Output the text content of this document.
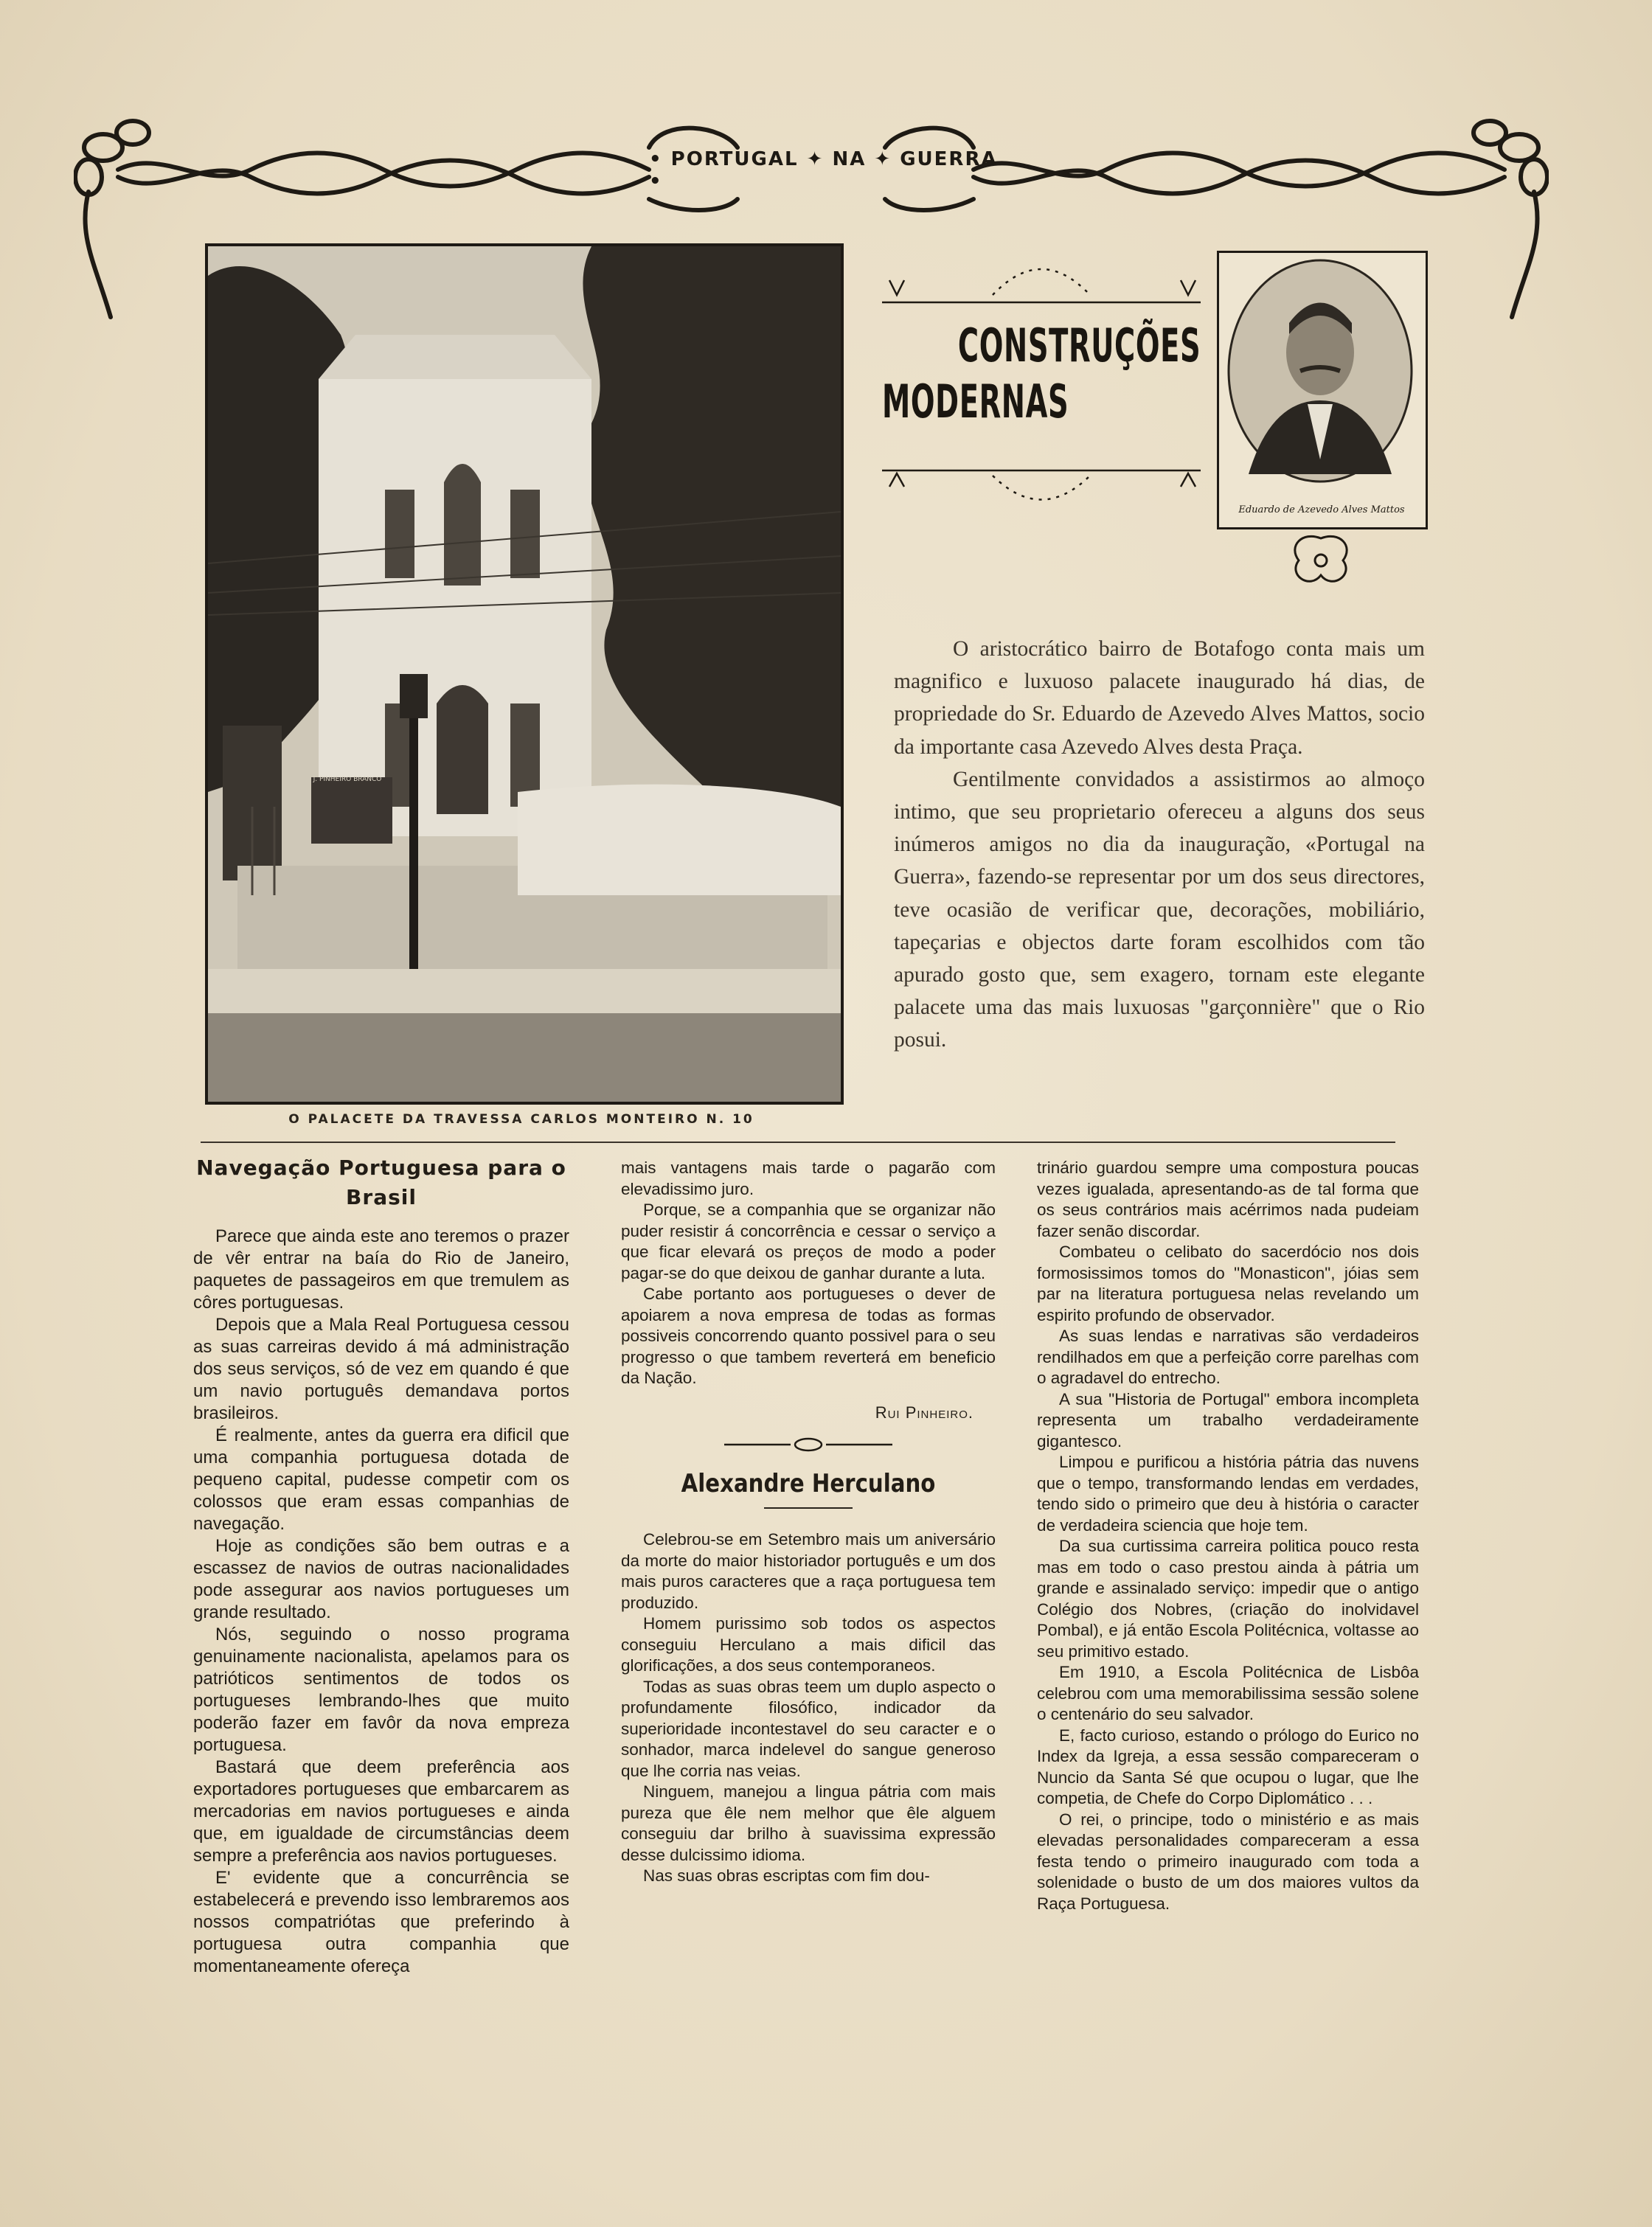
• PORTUGAL ✦ NA ✦ GUERRA •
O PALACETE DA TRAVESSA CARLOS MONTEIRO N. 10
CONSTRUÇÕES
MODERNAS
Eduardo de Azevedo Alves Mattos

O aristocrático bairro de Botafogo conta mais um magnifico e luxuoso palacete inaugurado há dias, de propriedade do Sr. Eduardo de Azevedo Alves Mattos, socio da importante casa Azevedo Alves desta Praça.

Gentilmente convidados a assistirmos ao almoço intimo, que seu proprietario ofereceu a alguns dos seus inúmeros amigos no dia da inauguração, «Portugal na Guerra», fazendo-se representar por um dos seus directores, teve ocasião de verificar que, decorações, mobiliário, tapeçarias e objectos darte foram escolhidos com tão apurado gosto que, sem exagero, tornam este elegante palacete uma das mais luxuosas "garçonnière" que o Rio posui.

Navegação Portuguesa para o Brasil

Parece que ainda este ano teremos o prazer de vêr entrar na baía do Rio de Janeiro, paquetes de passageiros em que tremulem as côres portuguesas.

Depois que a Mala Real Portuguesa cessou as suas carreiras devido á má administração dos seus serviços, só de vez em quando é que um navio português demandava portos brasileiros.

É realmente, antes da guerra era dificil que uma companhia portuguesa dotada de pequeno capital, pudesse competir com os colossos que eram essas companhias de navegação.

Hoje as condições são bem outras e a escassez de navios de outras nacionalidades pode assegurar aos navios portugueses um grande resultado.

Nós, seguindo o nosso programa genuinamente nacionalista, apelamos para os patrióticos sentimentos de todos os portugueses lembrando-lhes que muito poderão fazer em favôr da nova empreza portuguesa.

Bastará que deem preferência aos exportadores portugueses que embarcarem as mercadorias em navios portugueses e ainda que, em igualdade de circumstâncias deem sempre a preferência aos navios portugueses.

E' evidente que a concurrência se estabelecerá e prevendo isso lembraremos aos nossos compatriótas que preferindo à portuguesa outra companhia que momentaneamente ofereça

mais vantagens mais tarde o pagarão com elevadissimo juro.

Porque, se a companhia que se organizar não puder resistir á concorrência e cessar o serviço a que ficar elevará os preços de modo a poder pagar-se do que deixou de ganhar durante a luta.

Cabe portanto aos portugueses o dever de apoiarem a nova empresa de todas as formas possiveis concorrendo quanto possivel para o seu progresso o que tambem reverterá em beneficio da Nação.

Rui Pinheiro.
Alexandre Herculano

Celebrou-se em Setembro mais um aniversário da morte do maior historiador português e um dos mais puros caracteres que a raça portuguesa tem produzido.

Homem purissimo sob todos os aspectos conseguiu Herculano a mais dificil das glorificações, a dos seus contemporaneos.

Todas as suas obras teem um duplo aspecto o profundamente filosófico, indicador da superioridade incontestavel do seu caracter e o sonhador, marca indelevel do sangue generoso que lhe corria nas veias.

Ninguem, manejou a lingua pátria com mais pureza que êle nem melhor que êle alguem conseguiu dar brilho à suavissima expressão desse dulcissimo idioma.

Nas suas obras escriptas com fim dou-

trinário guardou sempre uma compostura poucas vezes igualada, apresentando-as de tal forma que os seus contrários mais acérrimos nada pudeiam fazer senão discordar.

Combateu o celibato do sacerdócio nos dois formosissimos tomos do "Monasticon", jóias sem par na literatura portuguesa nelas revelando um espirito profundo de observador.

As suas lendas e narrativas são verdadeiros rendilhados em que a perfeição corre parelhas com o agradavel do entrecho.

A sua "Historia de Portugal" embora incompleta representa um trabalho verdadeiramente gigantesco.

Limpou e purificou a história pátria das nuvens que o tempo, transformando lendas em verdades, tendo sido o primeiro que deu à história o caracter de verdadeira sciencia que hoje tem.

Da sua curtissima carreira politica pouco resta mas em todo o caso prestou ainda à pátria um grande e assinalado serviço: impedir que o antigo Colégio dos Nobres, (criação do inolvidavel Pombal), e já então Escola Politécnica, voltasse ao seu primitivo estado.

Em 1910, a Escola Politécnica de Lisbôa celebrou com uma memorabilissima sessão solene o centenário do seu salvador.

E, facto curioso, estando o prólogo do Eurico no Index da Igreja, a essa sessão compareceram o Nuncio da Santa Sé que ocupou o lugar, que lhe competia, de Chefe do Corpo Diplomático . . .

O rei, o principe, todo o ministério e as mais elevadas personalidades compareceram a essa festa tendo o primeiro inaugurado com toda a solenidade o busto de um dos maiores vultos da Raça Portuguesa.

J. PINHEIRO BRANCO
